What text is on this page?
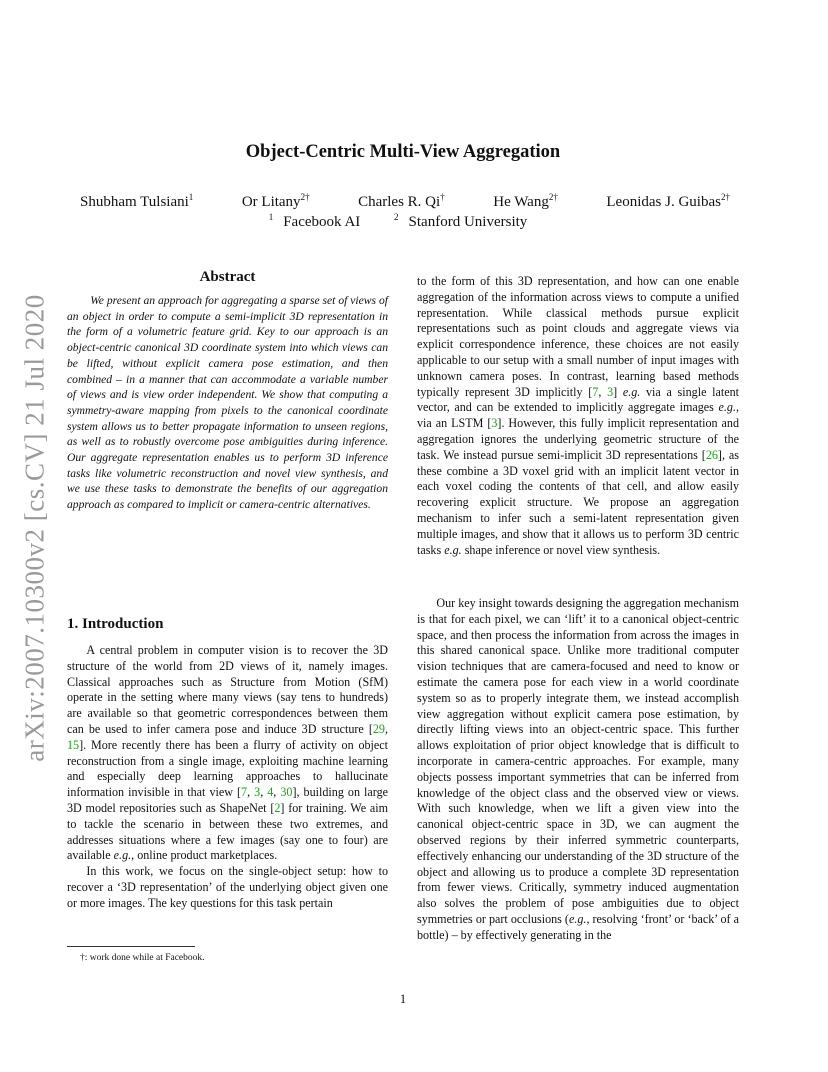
arXiv:2007.10300v2 [cs.CV] 21 Jul 2020
Object-Centric Multi-View Aggregation
Shubham Tulsiani$^1$	Or Litany$^{2\dagger}$	Charles R. Qi†	He Wang$^{2\dagger}$	Leonidas J. Guibas$^{2\dagger}$
$^1$ Facebook AI	$^2$ Stanford University
Abstract
We present an approach for aggregating a sparse set of views of an object in order to compute a semi-implicit 3D representation in the form of a volumetric feature grid. Key to our approach is an object-centric canonical 3D coordinate system into which views can be lifted, without explicit camera pose estimation, and then combined – in a manner that can accommodate a variable number of views and is view order independent. We show that computing a symmetry-aware mapping from pixels to the canonical coordinate system allows us to better propagate information to unseen regions, as well as to robustly overcome pose ambiguities during inference. Our aggregate representation enables us to perform 3D inference tasks like volumetric reconstruction and novel view synthesis, and we use these tasks to demonstrate the benefits of our aggregation approach as compared to implicit or camera-centric alternatives.
1. Introduction

A central problem in computer vision is to recover the 3D structure of the world from 2D views of it, namely images. Classical approaches such as Structure from Motion (SfM) operate in the setting where many views (say tens to hundreds) are available so that geometric correspondences between them can be used to infer camera pose and induce 3D structure [29, 15]. More recently there has been a flurry of activity on object reconstruction from a single image, exploiting machine learning and especially deep learning approaches to hallucinate information invisible in that view [7, 3, 4, 30], building on large 3D model repositories such as ShapeNet [2] for training. We aim to tackle the scenario in between these two extremes, and addresses situations where a few images (say one to four) are available e.g., online product marketplaces.

In this work, we focus on the single-object setup: how to recover a ‘3D representation’ of the underlying object given one or more images. The key questions for this task pertain

to the form of this 3D representation, and how can one enable aggregation of the information across views to compute a unified representation. While classical methods pursue explicit representations such as point clouds and aggregate views via explicit correspondence inference, these choices are not easily applicable to our setup with a small number of input images with unknown camera poses. In contrast, learning based methods typically represent 3D implicitly [7, 3] e.g. via a single latent vector, and can be extended to implicitly aggregate images e.g., via an LSTM [3]. However, this fully implicit representation and aggregation ignores the underlying geometric structure of the task. We instead pursue semi-implicit 3D representations [26], as these combine a 3D voxel grid with an implicit latent vector in each voxel coding the contents of that cell, and allow easily recovering explicit structure. We propose an aggregation mechanism to infer such a semi-latent representation given multiple images, and show that it allows us to perform 3D centric tasks e.g. shape inference or novel view synthesis.

Our key insight towards designing the aggregation mechanism is that for each pixel, we can ‘lift’ it to a canonical object-centric space, and then process the information from across the images in this shared canonical space. Unlike more traditional computer vision techniques that are camera-focused and need to know or estimate the camera pose for each view in a world coordinate system so as to properly integrate them, we instead accomplish view aggregation without explicit camera pose estimation, by directly lifting views into an object-centric space. This further allows exploitation of prior object knowledge that is difficult to incorporate in camera-centric approaches. For example, many objects possess important symmetries that can be inferred from knowledge of the object class and the observed view or views. With such knowledge, when we lift a given view into the canonical object-centric space in 3D, we can augment the observed regions by their inferred symmetric counterparts, effectively enhancing our understanding of the 3D structure of the object and allowing us to produce a complete 3D representation from fewer views. Critically, symmetry induced augmentation also solves the problem of pose ambiguities due to object symmetries or part occlusions (e.g., resolving ‘front’ or ‘back’ of a bottle) – by effectively generating in the

†: work done while at Facebook.
1
